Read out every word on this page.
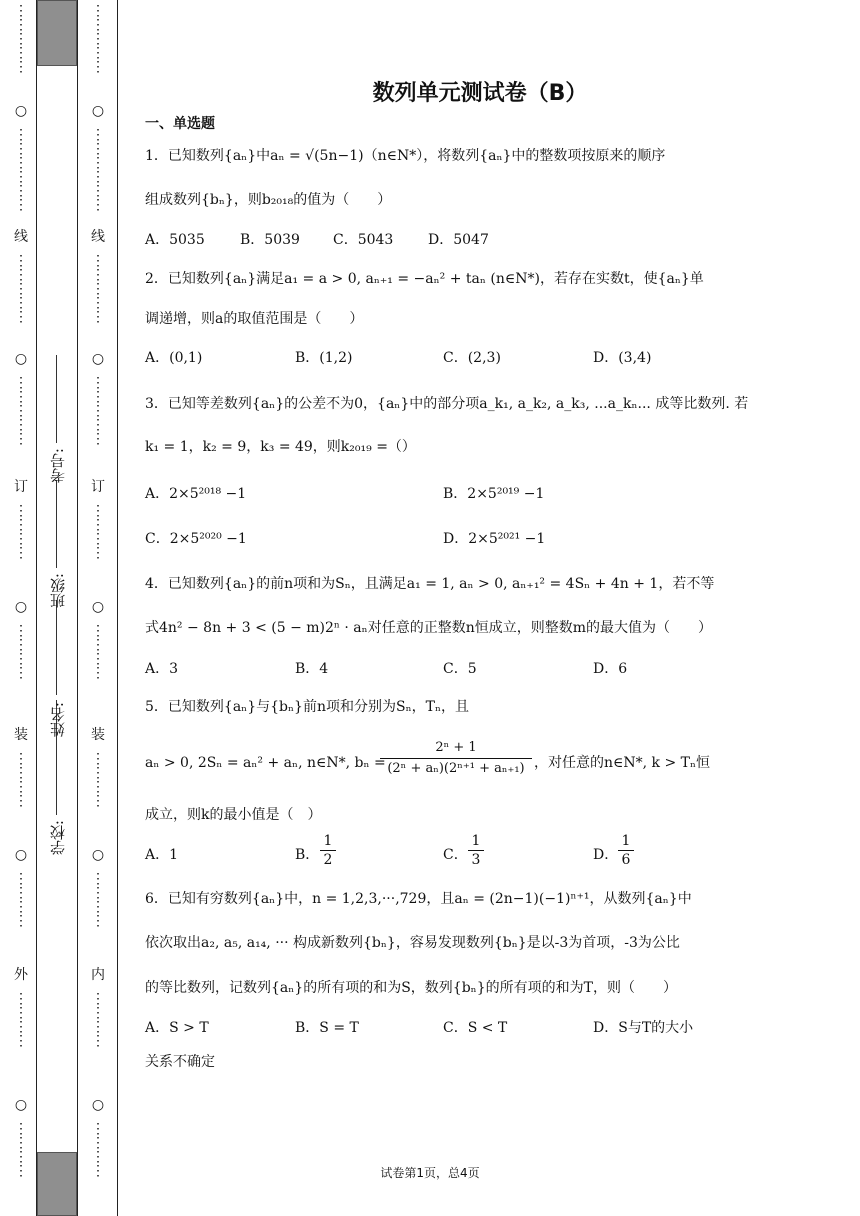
⋮
⋮
⋮
⋮
⋮
○
⋮
⋮
⋮
⋮
⋮
⋮
线
⋮
⋮
⋮
⋮
⋮
○
⋮
⋮
⋮
⋮
⋮
订
⋮
⋮
⋮
⋮
○
⋮
⋮
⋮
⋮
装
⋮
⋮
⋮
⋮
○
⋮
⋮
⋮
⋮
外
⋮
⋮
⋮
⋮
○
⋮
⋮
⋮
⋮
学校:
姓名:
班级:
考号:
⋮
⋮
⋮
⋮
⋮
○
⋮
⋮
⋮
⋮
⋮
⋮
线
⋮
⋮
⋮
⋮
⋮
○
⋮
⋮
⋮
⋮
⋮
订
⋮
⋮
⋮
⋮
○
⋮
⋮
⋮
⋮
装
⋮
⋮
⋮
⋮
○
⋮
⋮
⋮
⋮
内
⋮
⋮
⋮
⋮
○
⋮
⋮
⋮
⋮
数列单元测试卷（B）
一、单选题
1．已知数列{aₙ}中aₙ = √(5n−1)（n∈N*），将数列{aₙ}中的整数项按原来的顺序
组成数列{bₙ}，则b₂₀₁₈的值为（　　）
A．5035	B．5039 C．5043 D．5047
2．已知数列{aₙ}满足a₁ = a > 0, aₙ₊₁ = −aₙ² + taₙ (n∈N*)，若存在实数t，使{aₙ}单
调递增，则a的取值范围是（　　）
A．(0,1)	B．(1,2)	C．(2,3)	D．(3,4)
3．已知等差数列{aₙ}的公差不为0，{aₙ}中的部分项a_k₁, a_k₂, a_k₃, ...a_kₙ... 成等比数列. 若
k₁ = 1，k₂ = 9，k₃ = 49，则k₂₀₁₉ =（）
A．2×5²⁰¹⁸ −1	B．2×5²⁰¹⁹ −1
C．2×5²⁰²⁰ −1	D．2×5²⁰²¹ −1
4．已知数列{aₙ}的前n项和为Sₙ，且满足a₁ = 1, aₙ > 0, aₙ₊₁² = 4Sₙ + 4n + 1，若不等
式4n² − 8n + 3 < (5 − m)2ⁿ · aₙ对任意的正整数n恒成立，则整数m的最大值为（　　）
A．3	B．4	C．5	D．6
5．已知数列{aₙ}与{bₙ}前n项和分别为Sₙ，Tₙ，且
aₙ > 0, 2Sₙ = aₙ² + aₙ, n∈N*, bₙ =
$\frac{\text{2ⁿ + 1}}{\text{(2ⁿ + aₙ)(2ⁿ⁺¹ + aₙ₊₁)}}$ ，对任意的n∈N*, k > Tₙ恒
成立，则k的最小值是（　）
A．1	B． $\frac{1}{2}$	C． $\frac{1}{3}$	D． $\frac{1}{6}$
6．已知有穷数列{aₙ}中，n = 1,2,3,···,729，且aₙ = (2n−1)(−1)ⁿ⁺¹，从数列{aₙ}中
依次取出a₂, a₅, a₁₄, ··· 构成新数列{bₙ}，容易发现数列{bₙ}是以-3为首项，-3为公比
的等比数列，记数列{aₙ}的所有项的和为S，数列{bₙ}的所有项的和为T，则（　　）
A．S > T	B．S = T	C．S < T	D．S与T的大小
关系不确定
试卷第1页，总4页
